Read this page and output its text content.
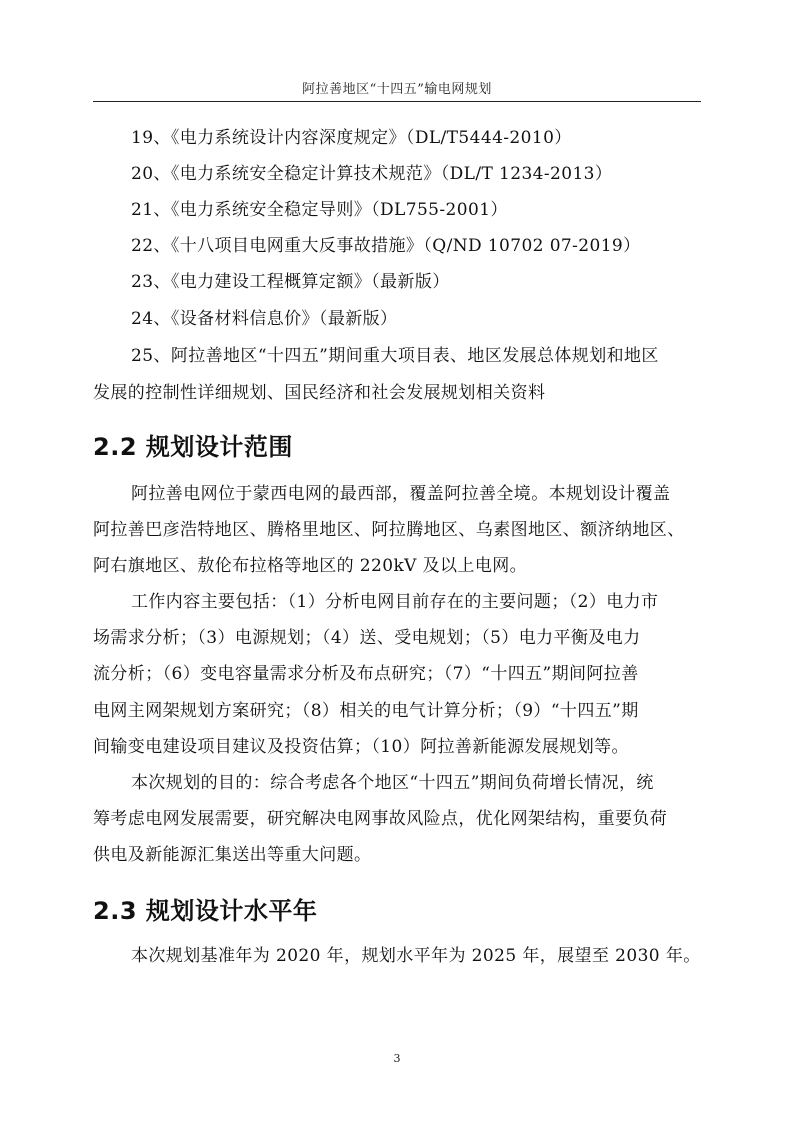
阿拉善地区“十四五”输电网规划
19、《电力系统设计内容深度规定》（DL/T5444-2010）
20、《电力系统安全稳定计算技术规范》（DL/T 1234-2013）
21、《电力系统安全稳定导则》（DL755-2001）
22、《十八项目电网重大反事故措施》（Q/ND 10702 07-2019）
23、《电力建设工程概算定额》（最新版）
24、《设备材料信息价》（最新版）
25、阿拉善地区“十四五”期间重大项目表、地区发展总体规划和地区
发展的控制性详细规划、国民经济和社会发展规划相关资料
2.2 规划设计范围
阿拉善电网位于蒙西电网的最西部，覆盖阿拉善全境。本规划设计覆盖
阿拉善巴彦浩特地区、腾格里地区、阿拉腾地区、乌素图地区、额济纳地区、
阿右旗地区、敖伦布拉格等地区的 220kV 及以上电网。
工作内容主要包括：（1）分析电网目前存在的主要问题；（2）电力市
场需求分析；（3）电源规划；（4）送、受电规划；（5）电力平衡及电力
流分析；（6）变电容量需求分析及布点研究；（7）“十四五”期间阿拉善
电网主网架规划方案研究；（8）相关的电气计算分析；（9）“十四五”期
间输变电建设项目建议及投资估算；（10）阿拉善新能源发展规划等。
本次规划的目的：综合考虑各个地区“十四五”期间负荷增长情况，统
筹考虑电网发展需要，研究解决电网事故风险点，优化网架结构，重要负荷
供电及新能源汇集送出等重大问题。
2.3 规划设计水平年
本次规划基准年为 2020 年，规划水平年为 2025 年，展望至 2030 年。
3
